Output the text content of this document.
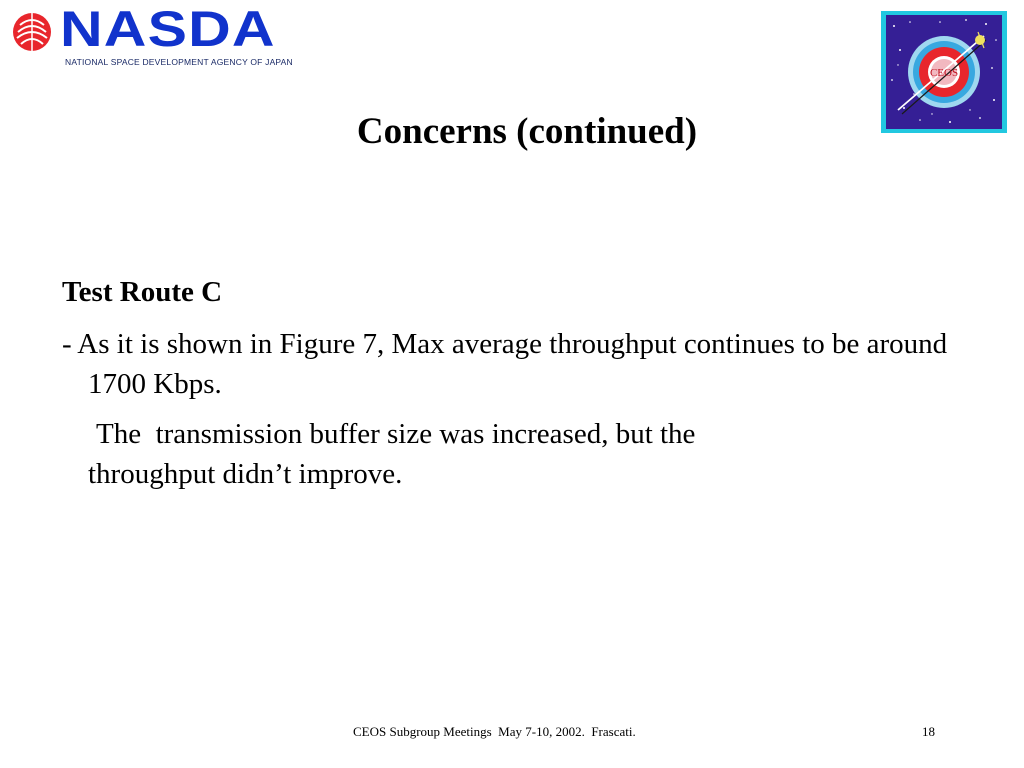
NASDA
NATIONAL SPACE DEVELOPMENT AGENCY OF JAPAN
CEOS
Concerns (continued)
Test Route C
- As it is shown in Figure 7, Max average throughput continues to be around 1700 Kbps.
The  transmission buffer size was increased, but the
throughput didn’t improve.
CEOS Subgroup Meetings  May 7-10, 2002.  Frascati.	18
